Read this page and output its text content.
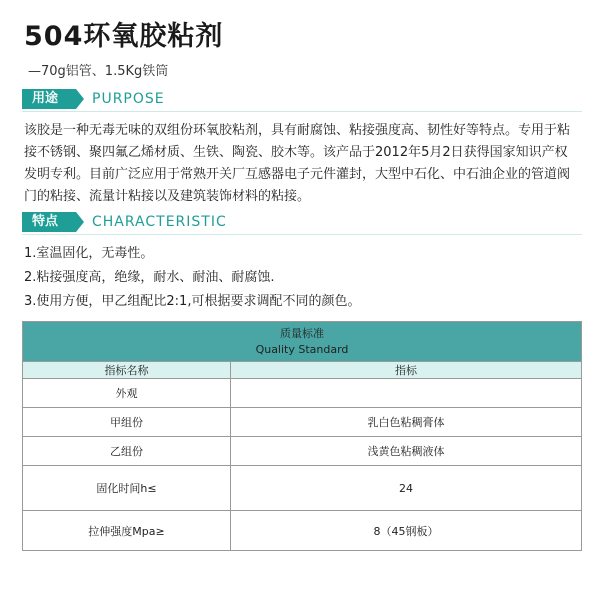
504环氧胶粘剂
—70g铝管、1.5Kg铁筒
用途	PURPOSE
该胶是一种无毒无味的双组份环氧胶粘剂，具有耐腐蚀、粘接强度高、韧性好等特点。专用于粘接不锈钢、聚四氟乙烯材质、生铁、陶瓷、胶木等。该产品于2012年5月2日获得国家知识产权发明专利。目前广泛应用于常熟开关厂互感器电子元件灌封，大型中石化、中石油企业的管道阀门的粘接、流量计粘接以及建筑装饰材料的粘接。
特点	CHARACTERISTIC
1.室温固化，无毒性。
2.粘接强度高，绝缘，耐水、耐油、耐腐蚀.
3.使用方便，甲乙组配比2:1,可根据要求调配不同的颜色。
质量标准
Quality Standard	

指标名称	指标
外观	
甲组份	乳白色粘稠膏体
乙组份	浅黄色粘稠液体
固化时间h≤	24
拉伸强度Mpa≥	8（45钢板）
